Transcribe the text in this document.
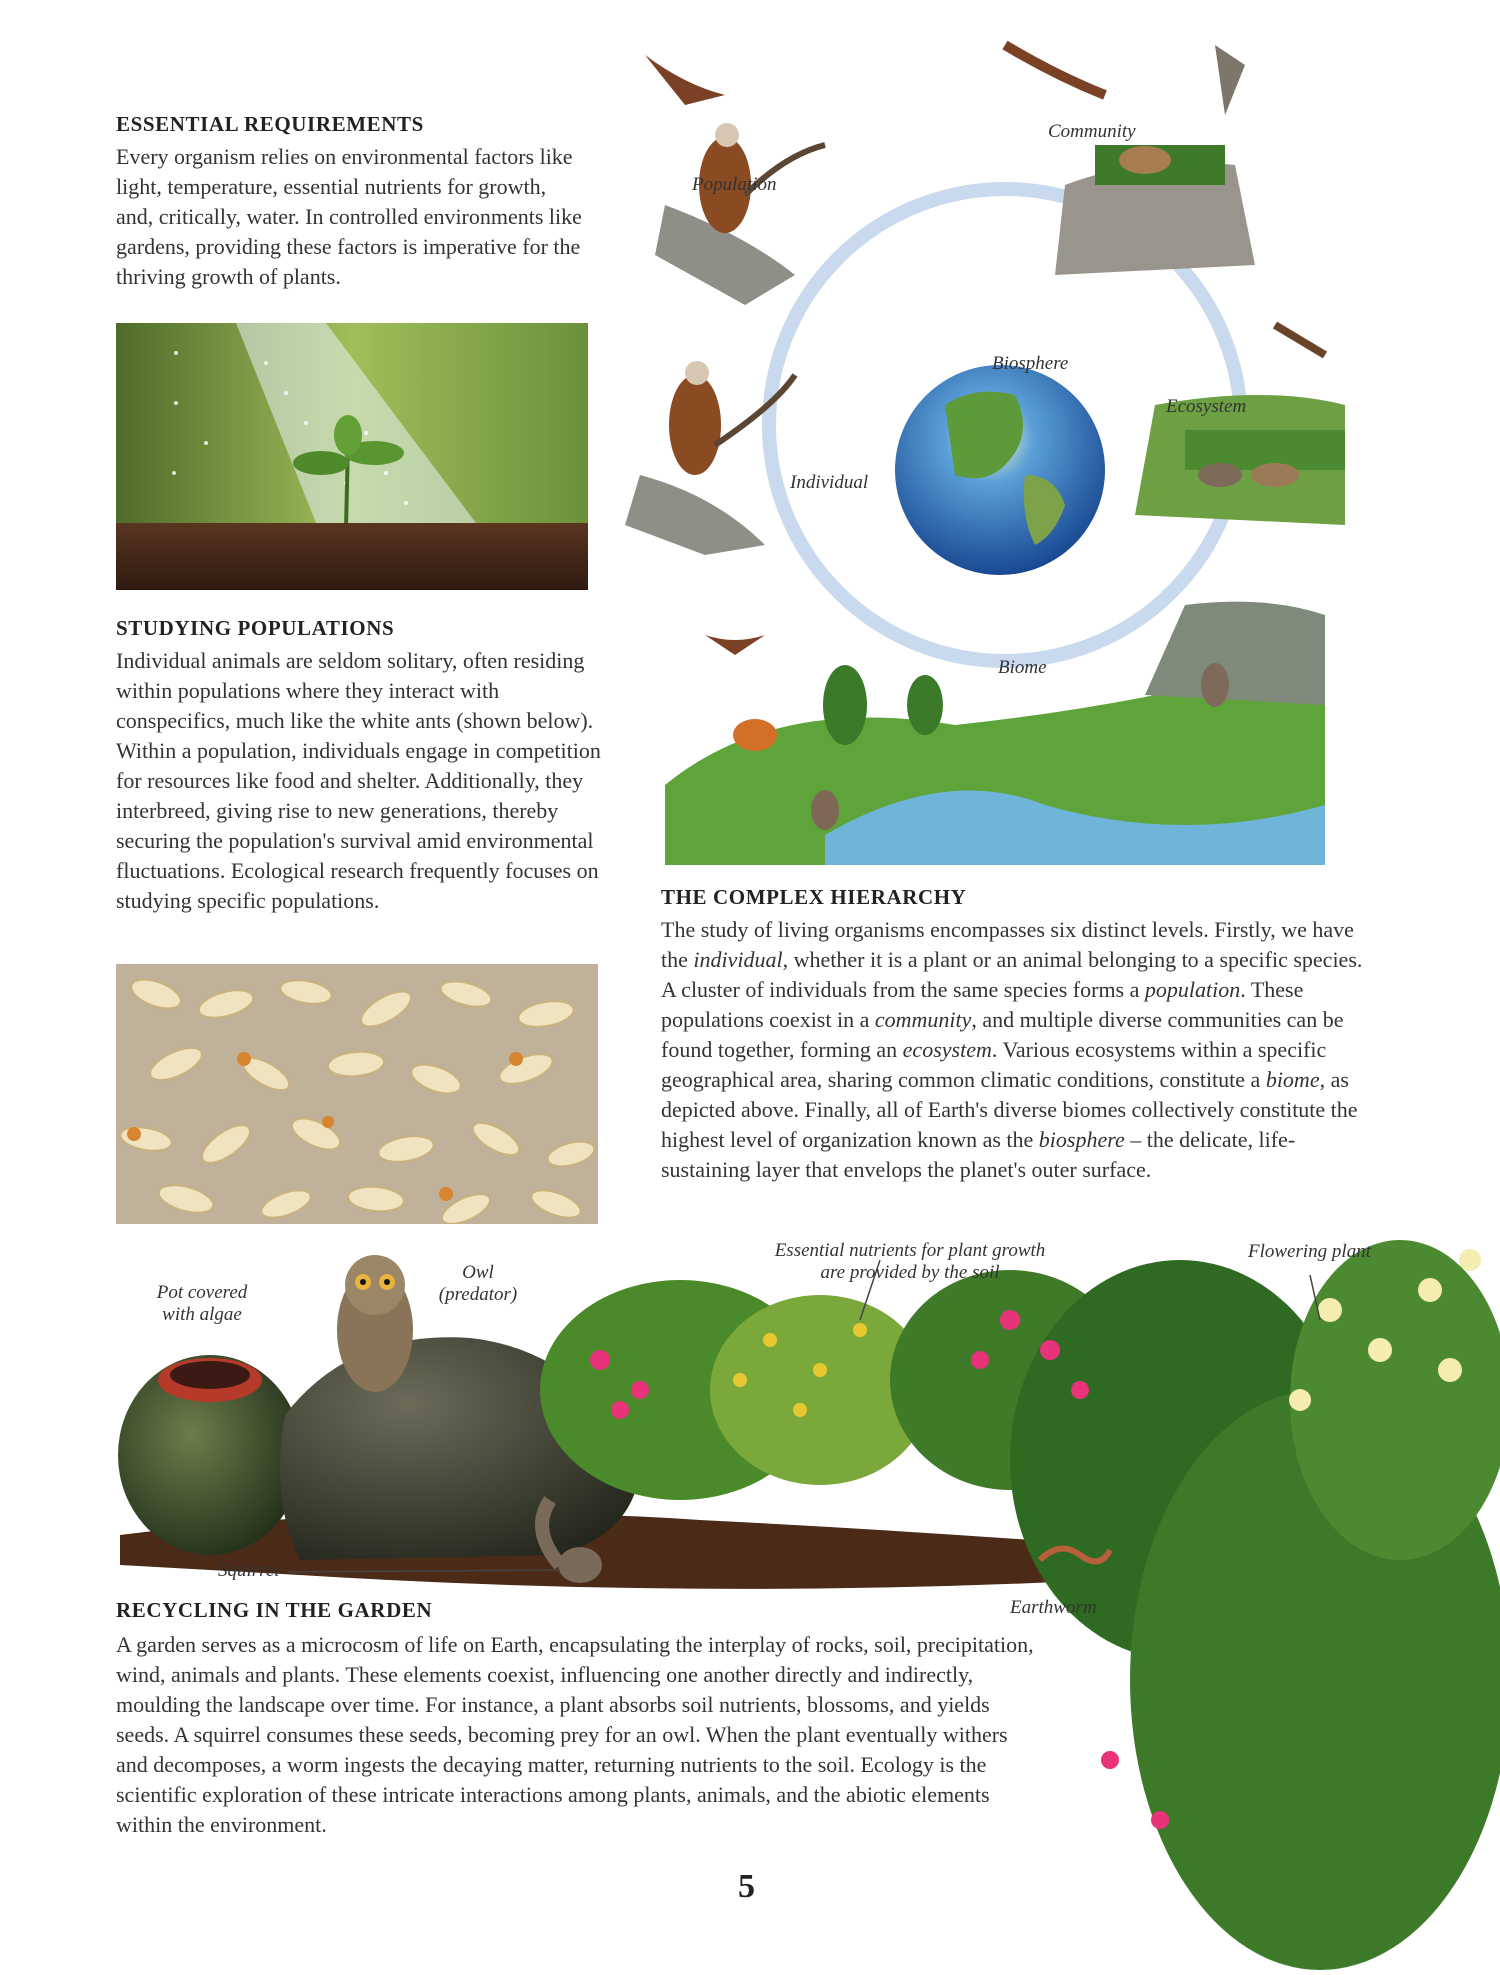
ESSENTIAL REQUIREMENTS

Every organism relies on environmental factors like light, temperature, essential nutrients for growth, and, critically, water. In controlled environments like gardens, providing these factors is imperative for the thriving growth of plants.

STUDYING POPULATIONS

Individual animals are seldom solitary, often residing within populations where they interact with conspecifics, much like the white ants (shown below). Within a population, individuals engage in competition for resources like food and shelter. Additionally, they interbreed, giving rise to new generations, thereby securing the population's survival amid environmental fluctuations. Ecological research frequently focuses on studying specific populations.

Population
Community
Biosphere
Ecosystem
Individual
Biome
THE COMPLEX HIERARCHY

The study of living organisms encompasses six distinct levels. Firstly, we have the individual, whether it is a plant or an animal belonging to a specific species. A cluster of individuals from the same species forms a population. These populations coexist in a community, and multiple diverse communities can be found together, forming an ecosystem. Various ecosystems within a specific geographical area, sharing common climatic conditions, constitute a biome, as depicted above. Finally, all of Earth's diverse biomes collectively constitute the highest level of organization known as the biosphere – the delicate, life-sustaining layer that envelops the planet's outer surface.

Pot covered
with algae
Owl
(predator)
Essential nutrients for plant growth
are provided by the soil
Flowering plant
Squirrel
Earthworm
RECYCLING IN THE GARDEN

A garden serves as a microcosm of life on Earth, encapsulating the interplay of rocks, soil, precipitation, wind, animals and plants. These elements coexist, influencing one another directly and indirectly, moulding the landscape over time. For instance, a plant absorbs soil nutrients, blossoms, and yields seeds. A squirrel consumes these seeds, becoming prey for an owl. When the plant eventually withers and decomposes, a worm ingests the decaying matter, returning nutrients to the soil. Ecology is the scientific exploration of these intricate interactions among plants, animals, and the abiotic elements within the environment.

5
